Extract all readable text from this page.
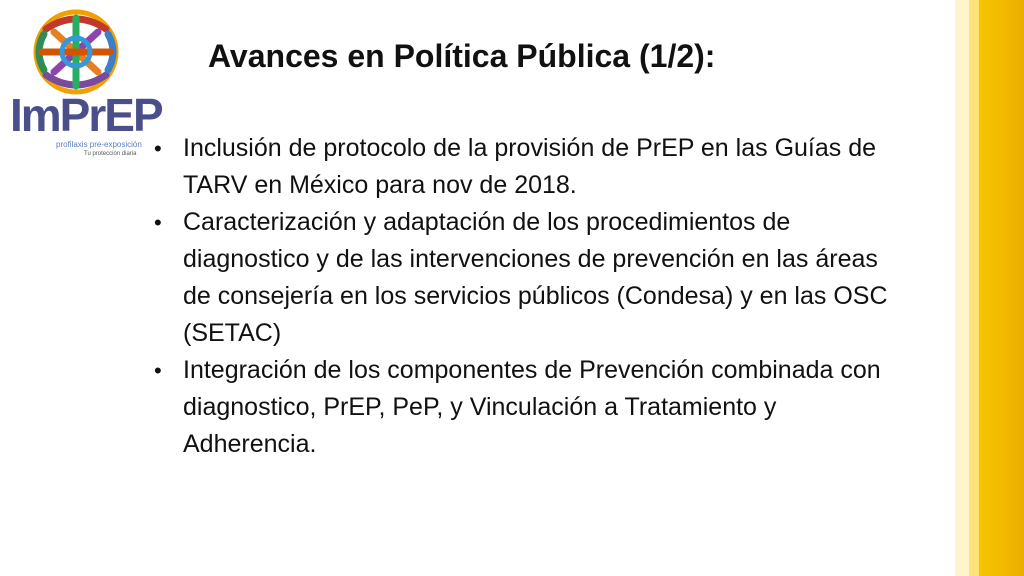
ImPrEP
profilaxis pre-exposición
Tu protección diaria
Avances en Política Pública (1/2):
• Inclusión de protocolo de la provisión de PrEP en las Guías de TARV en México para nov de 2018.
• Caracterización y adaptación de los procedimientos de diagnostico y de las intervenciones de prevención en las áreas de consejería en los servicios públicos (Condesa) y en las OSC (SETAC)
• Integración de los componentes de Prevención combinada con diagnostico, PrEP, PeP, y Vinculación a Tratamiento y Adherencia.
